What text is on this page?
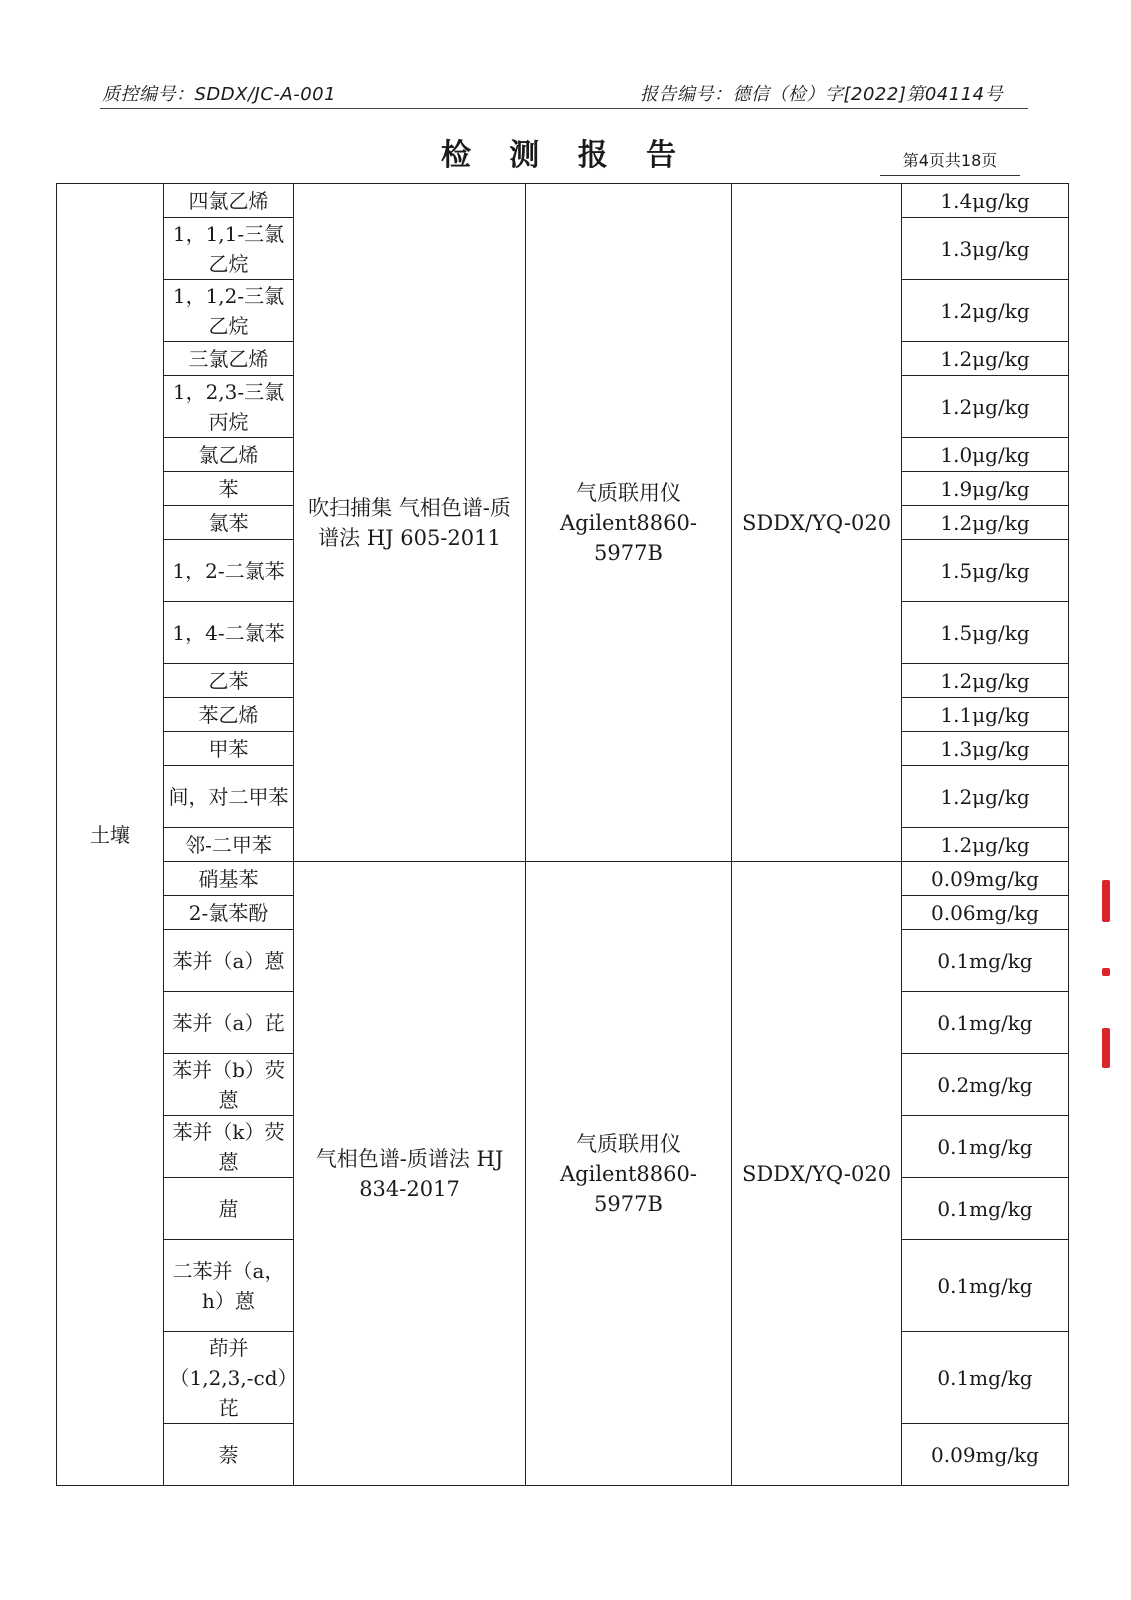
质控编号：SDDX/JC-A-001	报告编号：德信（检）字[2022]第04114号
检 测 报 告	第4页共18页
土壤	四氯乙烯	吹扫捕集 气相色谱-质谱法 HJ 605-2011	气质联用仪 Agilent8860-5977B	SDDX/YQ-020	1.4μg/kg
	1，1,1-三氯乙烷				1.3μg/kg
	1，1,2-三氯乙烷				1.2μg/kg
	三氯乙烯				1.2μg/kg
	1，2,3-三氯丙烷				1.2μg/kg
	氯乙烯				1.0μg/kg
	苯				1.9μg/kg
	氯苯				1.2μg/kg
	1，2-二氯苯				1.5μg/kg
	1，4-二氯苯				1.5μg/kg
	乙苯				1.2μg/kg
	苯乙烯				1.1μg/kg
	甲苯				1.3μg/kg
	间，对二甲苯				1.2μg/kg
	邻-二甲苯				1.2μg/kg
	硝基苯	气相色谱-质谱法 HJ 834-2017	气质联用仪 Agilent8860-5977B	SDDX/YQ-020	0.09mg/kg
	2-氯苯酚				0.06mg/kg
	苯并（a）蒽				0.1mg/kg
	苯并（a）芘				0.1mg/kg
	苯并（b）荧蒽				0.2mg/kg
	苯并（k）荧蒽				0.1mg/kg
	䓛				0.1mg/kg
	二苯并（a，h）蒽				0.1mg/kg
	茚并（1,2,3,-cd）芘				0.1mg/kg
	萘				0.09mg/kg
